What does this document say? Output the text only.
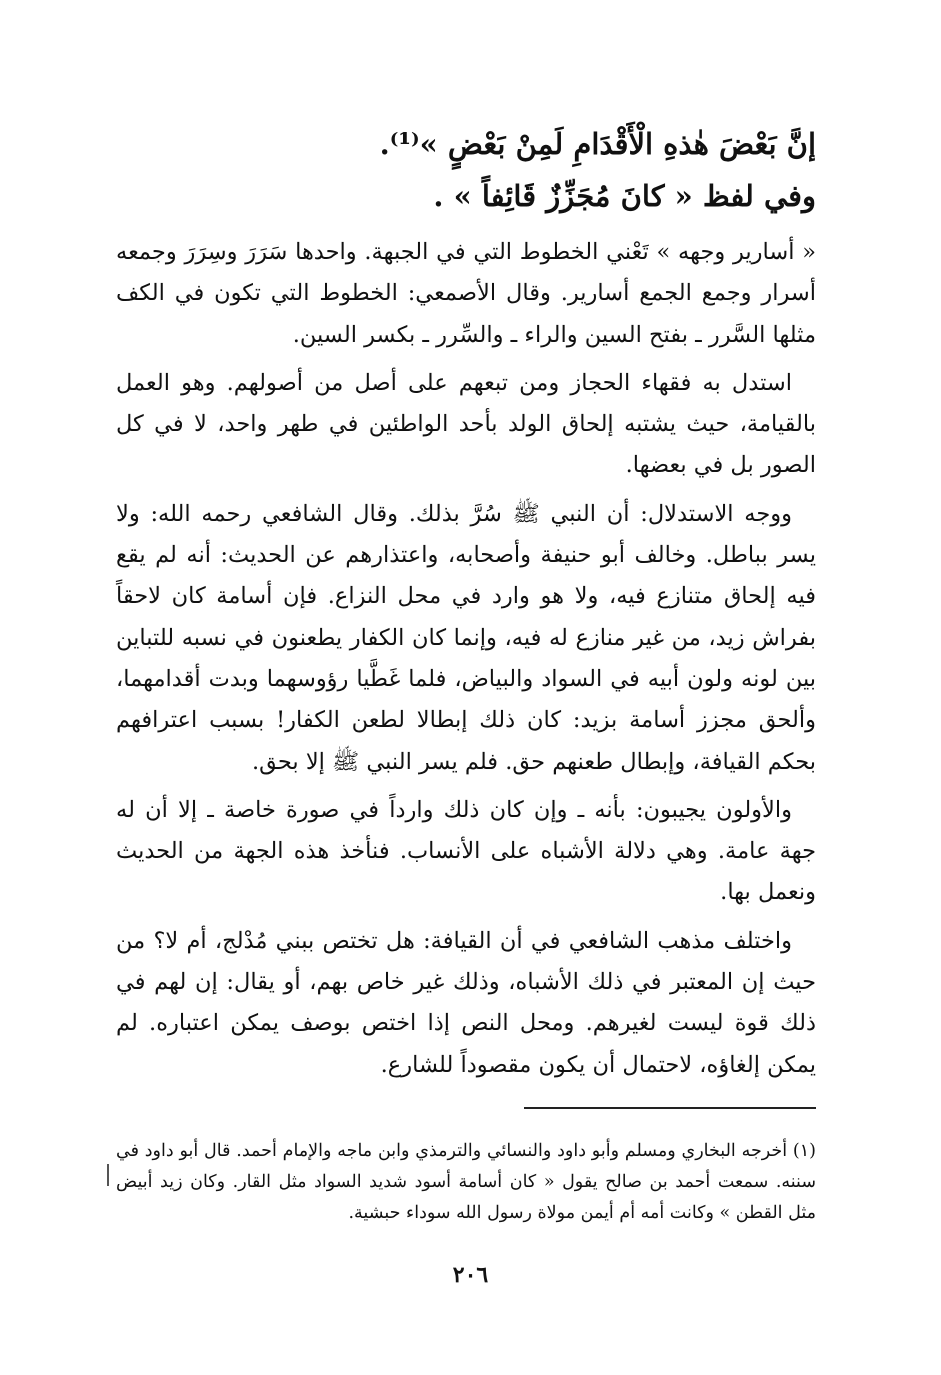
إنَّ بَعْضَ هٰذهِ الْأَقْدَامِ لَمِنْ بَعْضٍ »⁽¹⁾.
وفي لفظ « كانَ مُجَزِّزٌ قَائِفاً » .

« أسارير وجهه » تَعْني الخطوط التي في الجبهة. واحدها سَرَرَ وسِرَرَ وجمعه أسرار وجمع الجمع أسارير. وقال الأصمعي: الخطوط التي تكون في الكف مثلها السَّرر ـ بفتح السين والراء ـ والسِّرر ـ بكسر السين.

استدل به فقهاء الحجاز ومن تبعهم على أصل من أصولهم. وهو العمل بالقيامة، حيث يشتبه إلحاق الولد بأحد الواطئين في طهر واحد، لا في كل الصور بل في بعضها.

ووجه الاستدلال: أن النبي ﷺ سُرَّ بذلك. وقال الشافعي رحمه الله: ولا يسر بباطل. وخالف أبو حنيفة وأصحابه، واعتذارهم عن الحديث: أنه لم يقع فيه إلحاق متنازع فيه، ولا هو وارد في محل النزاع. فإن أسامة كان لاحقاً بفراش زيد، من غير منازع له فيه، وإنما كان الكفار يطعنون في نسبه للتباين بين لونه ولون أبيه في السواد والبياض، فلما غَطَّيا رؤوسهما وبدت أقدامهما، وألحق مجزز أسامة بزيد: كان ذلك إبطالا لطعن الكفار! بسبب اعترافهم بحكم القيافة، وإبطال طعنهم حق. فلم يسر النبي ﷺ إلا بحق.

والأولون يجيبون: بأنه ـ وإن كان ذلك وارداً في صورة خاصة ـ إلا أن له جهة عامة. وهي دلالة الأشباه على الأنساب. فنأخذ هذه الجهة من الحديث ونعمل بها.

واختلف مذهب الشافعي في أن القيافة: هل تختص ببني مُدْلج، أم لا؟ من حيث إن المعتبر في ذلك الأشباه، وذلك غير خاص بهم، أو يقال: إن لهم في ذلك قوة ليست لغيرهم. ومحل النص إذا اختص بوصف يمكن اعتباره. لم يمكن إلغاؤه، لاحتمال أن يكون مقصوداً للشارع.

(١) أخرجه البخاري ومسلم وأبو داود والنسائي والترمذي وابن ماجه والإمام أحمد. قال أبو داود في سننه. سمعت أحمد بن صالح يقول « كان أسامة أسود شديد السواد مثل القار. وكان زيد أبيض مثل القطن » وكانت أمه أم أيمن مولاة رسول الله سوداء حبشية.
٢٠٦
